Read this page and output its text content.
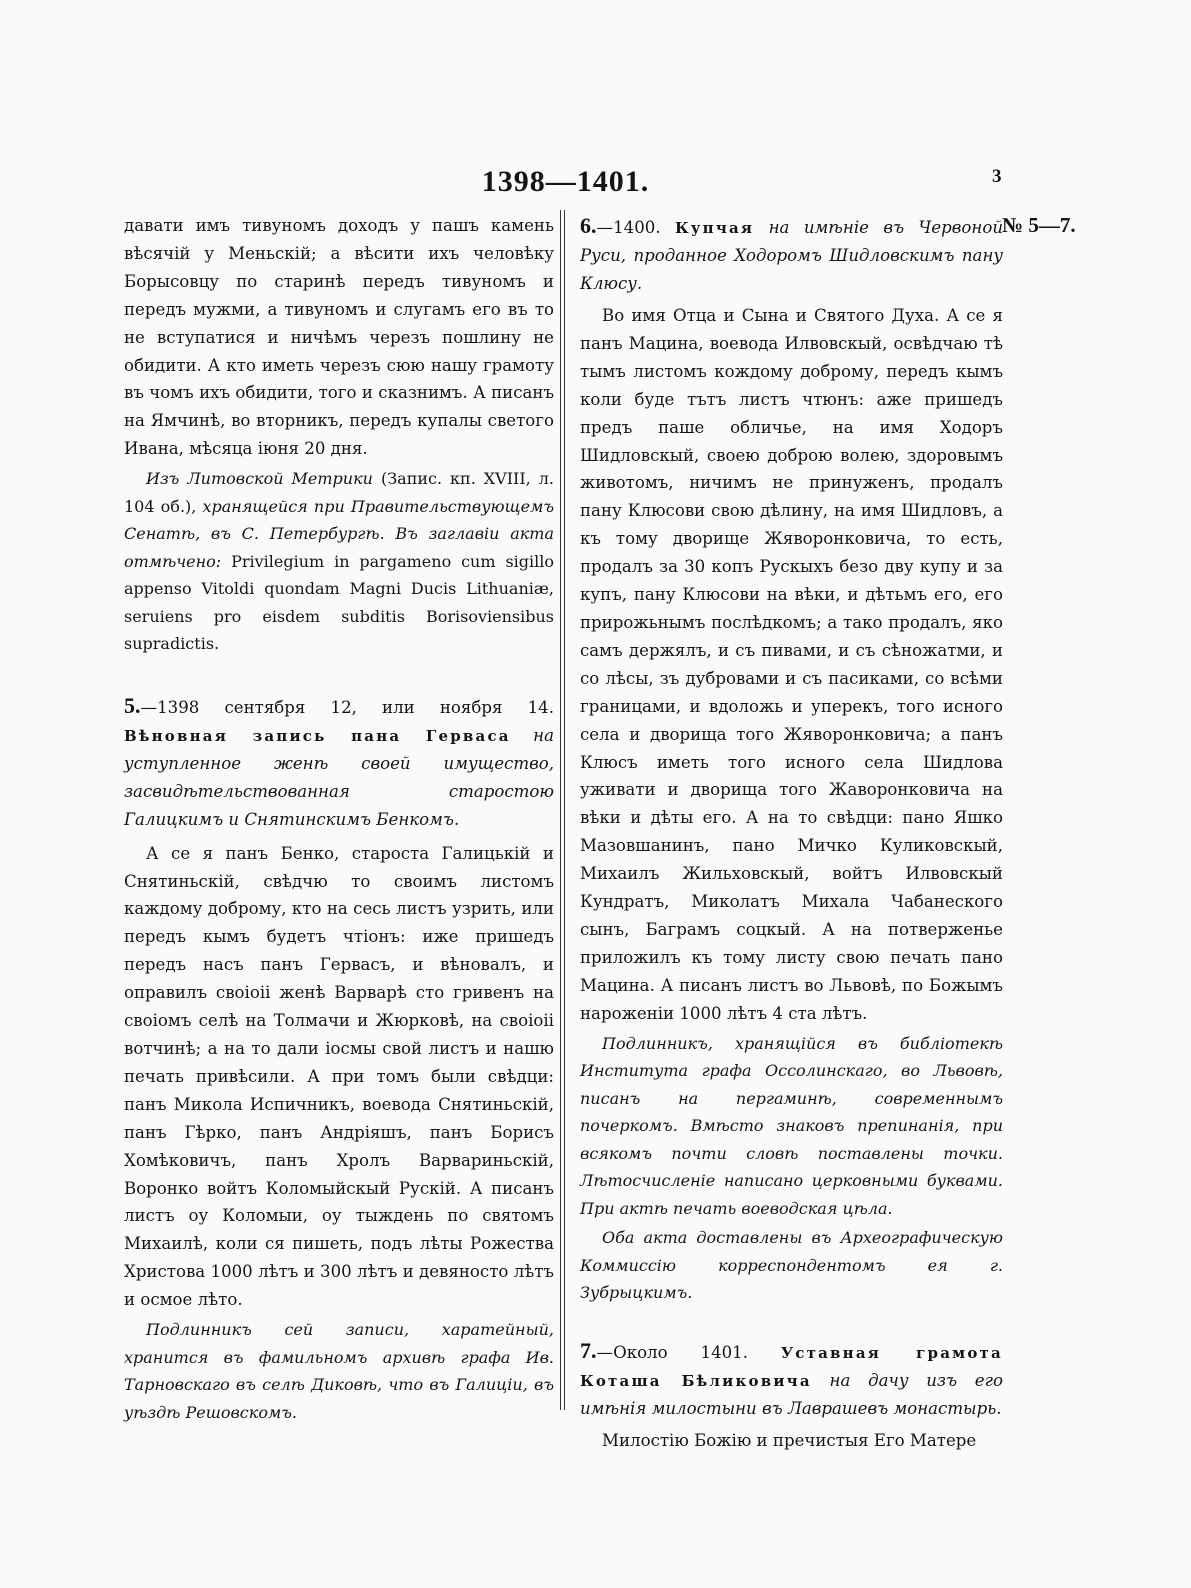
1398—1401.	3
№ 5—7.

давати имъ тивуномъ доходъ у пашъ камень вѣсячій у Меньскій; а вѣсити ихъ человѣку Борысовцу по старинѣ передъ тивуномъ и передъ мужми, а тивуномъ и слугамъ его въ то не вступатися и ничѣмъ черезъ пошлину не обидити. А кто иметь черезъ сюю нашу грамоту въ чомъ ихъ обидити, того и сказнимъ. А писанъ на Ямчинѣ, во вторникъ, передъ купалы светого Ивана, мѣсяца іюня 20 дня.

Изъ Литовской Метрики (Запис. кп. XVIII, л. 104 об.), хранящейся при Правительствующемъ Сенатѣ, въ С. Петербургѣ. Въ заглавіи акта отмѣчено: Privilegium in pargameno cum sigillo appenso Vitoldi quondam Magni Ducis Lithuaniæ, seruiens pro eisdem subditis Borisoviensibus supradictis.

5.—1398 сентября 12, или ноября 14. Вѣновная запись пана Герваса на уступленное женѣ своей имущество, засвидѣтельствованная старостою Галицкимъ и Снятинскимъ Бенкомъ.

А се я панъ Бенко, староста Галицькій и Снятиньскій, свѣдчю то своимъ листомъ каждому доброму, кто на сесь листъ узрить, или передъ кымъ будетъ чтіонъ: иже пришедъ передъ насъ панъ Гервасъ, и вѣновалъ, и оправилъ своіоіі женѣ Варварѣ сто гривенъ на своіомъ селѣ на Толмачи и Жюрковѣ, на своіоіі вотчинѣ; а на то дали іосмы свой листъ и нашю печать привѣсили. А при томъ были свѣдци: панъ Микола Испичникъ, воевода Снятиньскій, панъ Гѣрко, панъ Андріяшъ, панъ Борисъ Хомѣковичъ, панъ Хролъ Варвариньскій, Воронко войтъ Коломыйскый Рускій. А писанъ листъ оу Коломыи, оу тыждень по святомъ Михаилѣ, коли ся пишеть, подъ лѣты Рожества Христова 1000 лѣтъ и 300 лѣтъ и девяносто лѣтъ и осмое лѣто.

Подлинникъ сей записи, харатейный, хранится въ фамильномъ архивѣ графа Ив. Тарновскаго въ селѣ Диковѣ, что въ Галиціи, въ уѣздѣ Решовскомъ.

6.—1400. Купчая на имѣніе въ Червоной Руси, проданное Ходоромъ Шидловскимъ пану Клюсу.

Во имя Отца и Сына и Святого Духа. А се я панъ Мацина, воевода Илвовскый, освѣдчаю тѣ тымъ листомъ кождому доброму, передъ кымъ коли буде тътъ листъ чтюнъ: аже пришедъ предъ паше обличье, на имя Ходоръ Шидловскый, своею доброю волею, здоровымъ животомъ, ничимъ не принуженъ, продалъ пану Клюсови свою дѣлину, на имя Шидловъ, а къ тому дворище Жяворонковича, то есть, продалъ за 30 копъ Рускыхъ безо дву купу и за купъ, пану Клюсови на вѣки, и дѣтьмъ его, его прирожьнымъ послѣдкомъ; а тако продалъ, яко самъ держялъ, и съ пивами, и съ сѣножатми, и со лѣсы, зъ дубровами и съ пасиками, со всѣми границами, и вдоложь и уперекъ, того исного села и дворища того Жяворонковича; а панъ Клюсъ иметь того исного села Шидлова уживати и дворища того Жаворонковича на вѣки и дѣты его. А на то свѣдци: пано Яшко Мазовшанинъ, пано Мичко Куликовскый, Михаилъ Жильховскый, войтъ Илвовскый Кундратъ, Миколатъ Михала Чабанеского сынъ, Баграмъ соцкый. А на потверженье приложилъ къ тому листу свою печать пано Мацина. А писанъ листъ во Львовѣ, по Божымъ нароженіи 1000 лѣтъ 4 ста лѣтъ.

Подлинникъ, хранящійся въ библіотекѣ Института графа Оссолинскаго, во Львовѣ, писанъ на пергаминѣ, современнымъ почеркомъ. Вмѣсто знаковъ препинанія, при всякомъ почти словѣ поставлены точки. Лѣтосчисленіе написано церковными буквами. При актѣ печать воеводская цѣла.

Оба акта доставлены въ Археографическую Коммиссію корреспондентомъ ея г. Зубрыцкимъ.

7.—Около 1401. Уставная грамота Коташа Бѣликовича на дачу изъ его имѣнія милостыни въ Лаврашевъ монастырь.

Милостію Божію и пречистыя Его Матере
